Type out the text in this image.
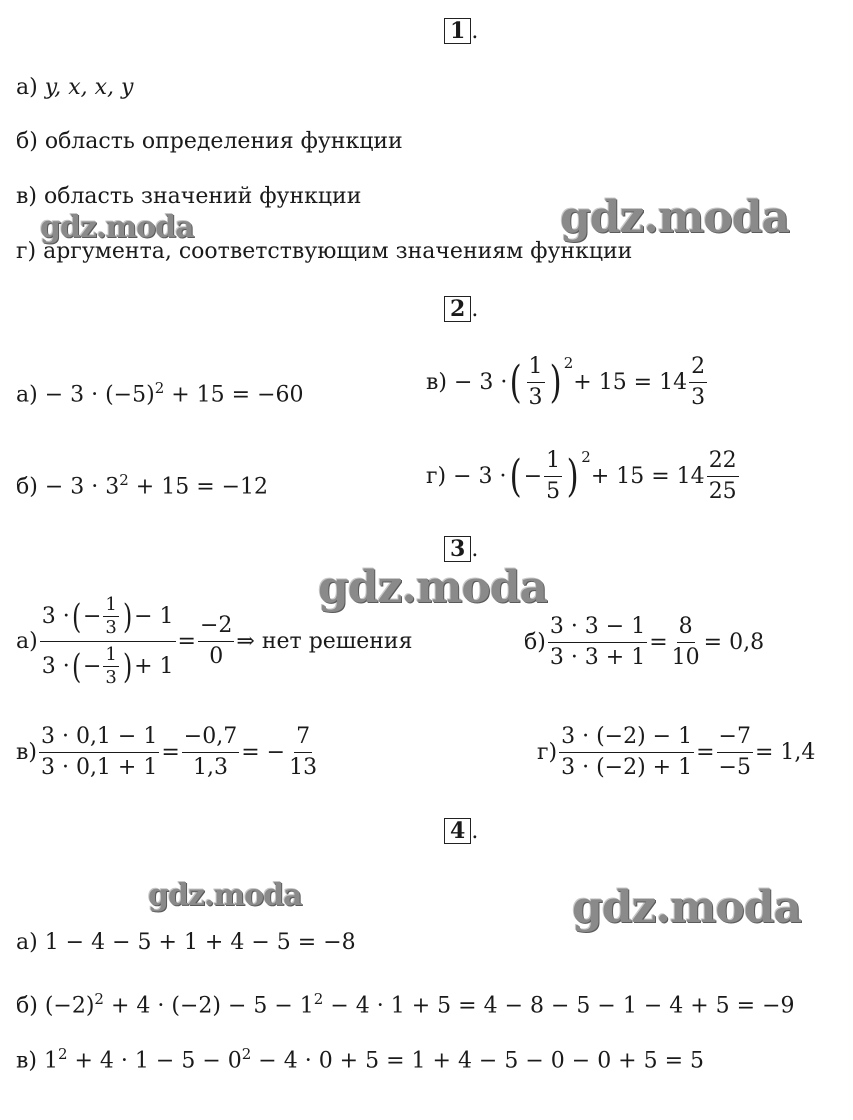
gdz.moda	gdz.moda
gdz.moda
gdz.moda	gdz.moda
1 .
а) y, x, x, y
б) область определения функции
в) область значений функции
г) аргумента, соответствующим значениям функции
2 .
$а) - 3 \cdot (-5)^2 + 15 = -60$	в) − 3 · ( $\frac{1}{3} )^2$
+ $15 = 14 \frac{2}{3}$
$б) - 3 \cdot 3^2 + 15 = -12$	г) − 3 · ( − $\frac{1}{5} )^2$
+ $15 = 14 \frac{22}{25}$
3 .
$а) \frac{3 \cdot ( - \frac{1}{3} ) - 1}{3 \cdot ( - \frac{1}{3} ) + 1} = \frac{-2}{0}$ ⇒ нет решения	$б) \frac{3 \cdot 3 - 1}{3 \cdot 3 + 1} = \frac{8}{10} = 0,8$
$в) \frac{3 \cdot 0,1 - 1}{3 \cdot 0,1 + 1} = \frac{-0,7}{1,3}$ = − $\frac{7}{13}$	$г) \frac{3 \cdot (-2) - 1}{3 \cdot (-2) + 1} = \frac{-7}{-5} = 1,4$
4 .
а) 1 − 4 − 5 + 1 + 4 − 5 = −8
б) $(-2)^2 + 4 \cdot (-2) - 5 - 1^2 - 4 \cdot 1 + 5 = 4 - 8 - 5 - 1 - 4 + 5 = -9$
в) $1^2 + 4 \cdot 1 - 5 - 0^2 - 4 \cdot 0 + 5 = 1 + 4 - 5 - 0 - 0 + 5 = 5$
